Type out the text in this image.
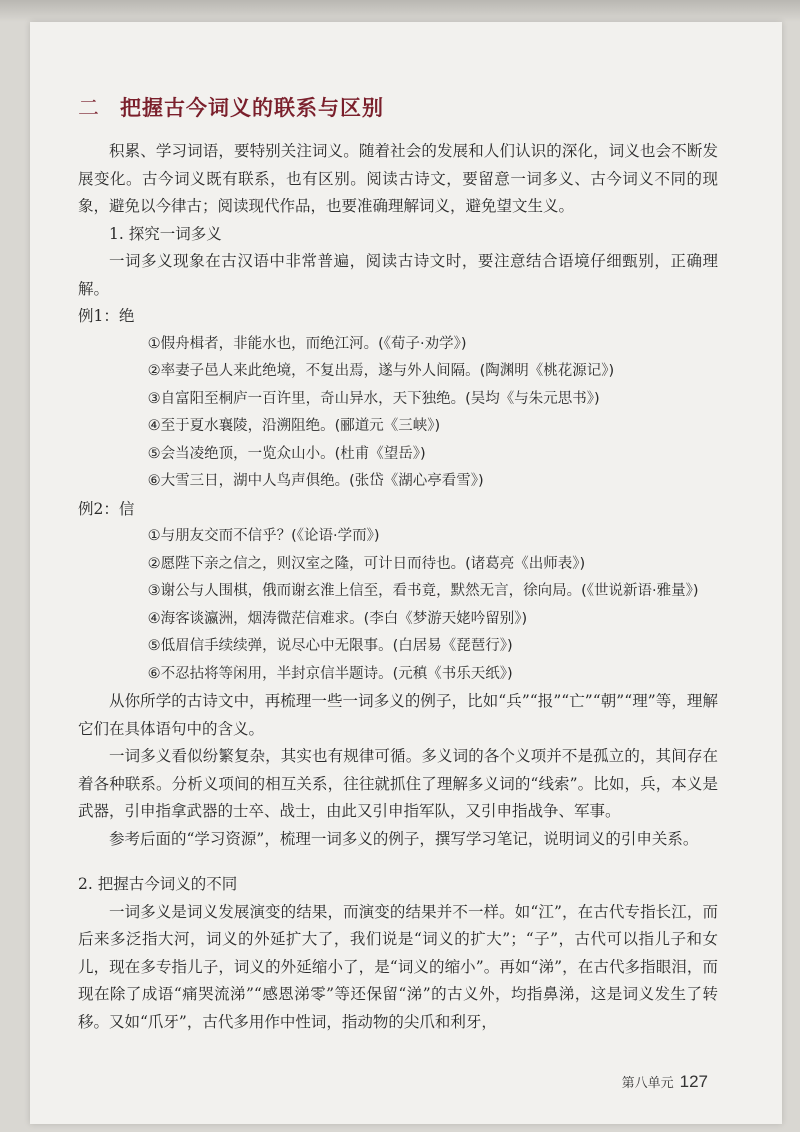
二 把握古今词义的联系与区别

积累、学习词语，要特别关注词义。随着社会的发展和人们认识的深化，词义也会不断发展变化。古今词义既有联系，也有区别。阅读古诗文，要留意一词多义、古今词义不同的现象，避免以今律古；阅读现代作品，也要准确理解词义，避免望文生义。

1. 探究一词多义

一词多义现象在古汉语中非常普遍，阅读古诗文时，要注意结合语境仔细甄别，正确理解。

例1：绝

①假舟楫者，非能水也，而绝江河。(《荀子·劝学》)

②率妻子邑人来此绝境，不复出焉，遂与外人间隔。(陶渊明《桃花源记》)

③自富阳至桐庐一百许里，奇山异水，天下独绝。(吴均《与朱元思书》)

④至于夏水襄陵，沿溯阻绝。(郦道元《三峡》)

⑤会当凌绝顶，一览众山小。(杜甫《望岳》)

⑥大雪三日，湖中人鸟声俱绝。(张岱《湖心亭看雪》)

例2：信

①与朋友交而不信乎？(《论语·学而》)

②愿陛下亲之信之，则汉室之隆，可计日而待也。(诸葛亮《出师表》)

③谢公与人围棋，俄而谢玄淮上信至，看书竟，默然无言，徐向局。(《世说新语·雅量》)

④海客谈瀛洲，烟涛微茫信难求。(李白《梦游天姥吟留别》)

⑤低眉信手续续弹，说尽心中无限事。(白居易《琵琶行》)

⑥不忍拈将等闲用，半封京信半题诗。(元稹《书乐天纸》)

从你所学的古诗文中，再梳理一些一词多义的例子，比如“兵”“报”“亡”“朝”“理”等，理解它们在具体语句中的含义。

一词多义看似纷繁复杂，其实也有规律可循。多义词的各个义项并不是孤立的，其间存在着各种联系。分析义项间的相互关系，往往就抓住了理解多义词的“线索”。比如，兵，本义是武器，引申指拿武器的士卒、战士，由此又引申指军队，又引申指战争、军事。

参考后面的“学习资源”，梳理一词多义的例子，撰写学习笔记，说明词义的引申关系。

2. 把握古今词义的不同

一词多义是词义发展演变的结果，而演变的结果并不一样。如“江”，在古代专指长江，而后来多泛指大河，词义的外延扩大了，我们说是“词义的扩大”；“子”，古代可以指儿子和女儿，现在多专指儿子，词义的外延缩小了，是“词义的缩小”。再如“涕”，在古代多指眼泪，而现在除了成语“痛哭流涕”“感恩涕零”等还保留“涕”的古义外，均指鼻涕，这是词义发生了转移。又如“爪牙”，古代多用作中性词，指动物的尖爪和利牙，

第八单元 127
